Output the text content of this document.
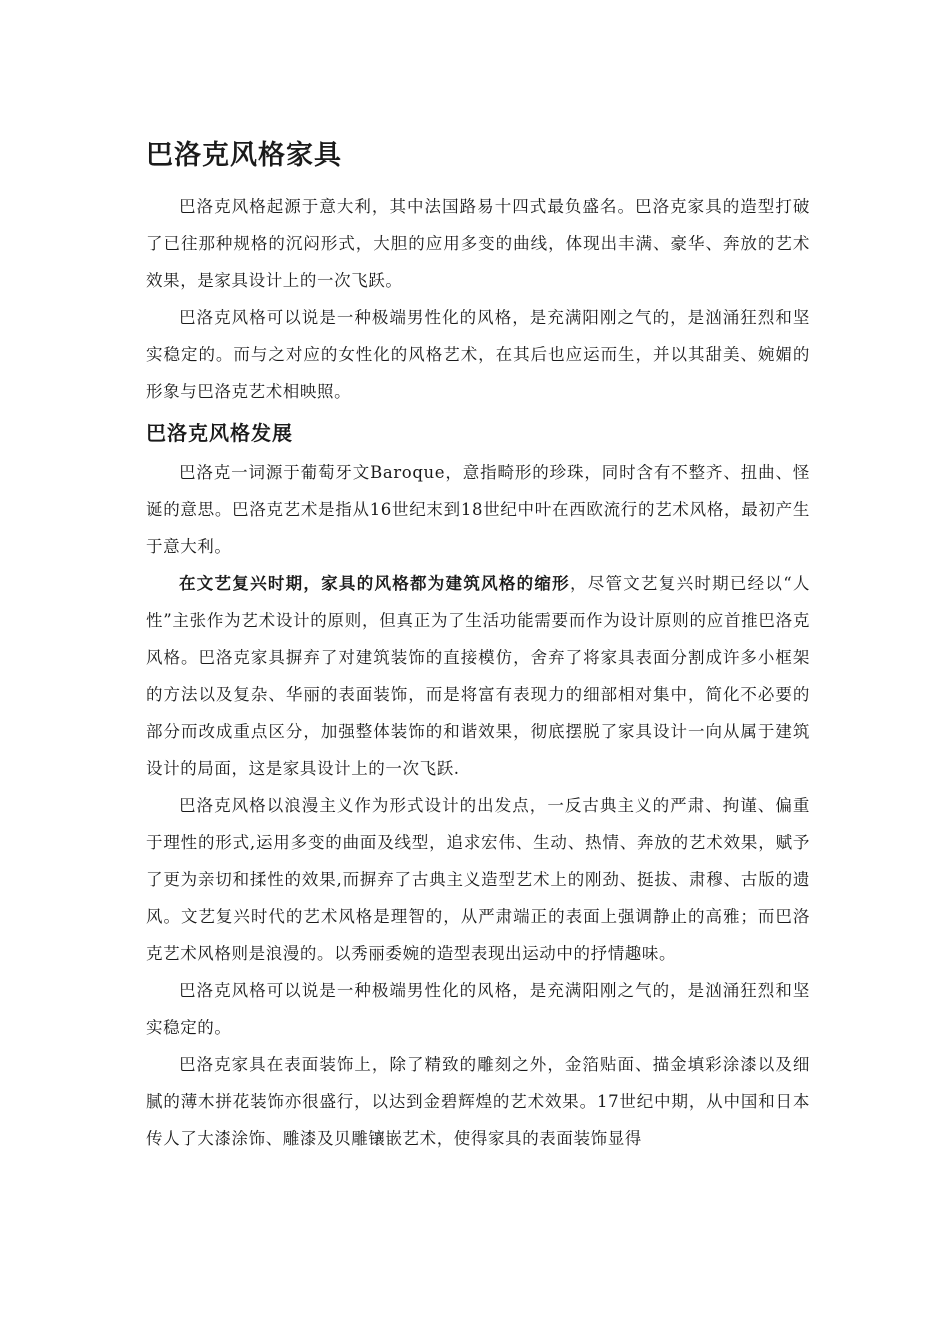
巴洛克风格家具

巴洛克风格起源于意大利，其中法国路易十四式最负盛名。巴洛克家具的造型打破了已往那种规格的沉闷形式，大胆的应用多变的曲线，体现出丰满、豪华、奔放的艺术效果，是家具设计上的一次飞跃。

巴洛克风格可以说是一种极端男性化的风格，是充满阳刚之气的，是汹涌狂烈和坚实稳定的。而与之对应的女性化的风格艺术，在其后也应运而生，并以其甜美、婉媚的形象与巴洛克艺术相映照。

巴洛克风格发展

巴洛克一词源于葡萄牙文Baroque，意指畸形的珍珠，同时含有不整齐、扭曲、怪诞的意思。巴洛克艺术是指从16世纪末到18世纪中叶在西欧流行的艺术风格，最初产生于意大利。

在文艺复兴时期，家具的风格都为建筑风格的缩形，尽管文艺复兴时期已经以“人性”主张作为艺术设计的原则，但真正为了生活功能需要而作为设计原则的应首推巴洛克风格。巴洛克家具摒弃了对建筑装饰的直接模仿，舍弃了将家具表面分割成许多小框架的方法以及复杂、华丽的表面装饰，而是将富有表现力的细部相对集中，简化不必要的部分而改成重点区分，加强整体装饰的和谐效果，彻底摆脱了家具设计一向从属于建筑设计的局面，这是家具设计上的一次飞跃.

巴洛克风格以浪漫主义作为形式设计的出发点，一反古典主义的严肃、拘谨、偏重于理性的形式,运用多变的曲面及线型，追求宏伟、生动、热情、奔放的艺术效果，赋予了更为亲切和揉性的效果,而摒弃了古典主义造型艺术上的刚劲、挺拔、肃穆、古版的遗风。文艺复兴时代的艺术风格是理智的，从严肃端正的表面上强调静止的高雅；而巴洛克艺术风格则是浪漫的。以秀丽委婉的造型表现出运动中的抒情趣味。

巴洛克风格可以说是一种极端男性化的风格，是充满阳刚之气的，是汹涌狂烈和坚实稳定的。

巴洛克家具在表面装饰上，除了精致的雕刻之外，金箔贴面、描金填彩涂漆以及细腻的薄木拼花装饰亦很盛行，以达到金碧辉煌的艺术效果。17世纪中期，从中国和日本传人了大漆涂饰、雕漆及贝雕镶嵌艺术，使得家具的表面装饰显得
